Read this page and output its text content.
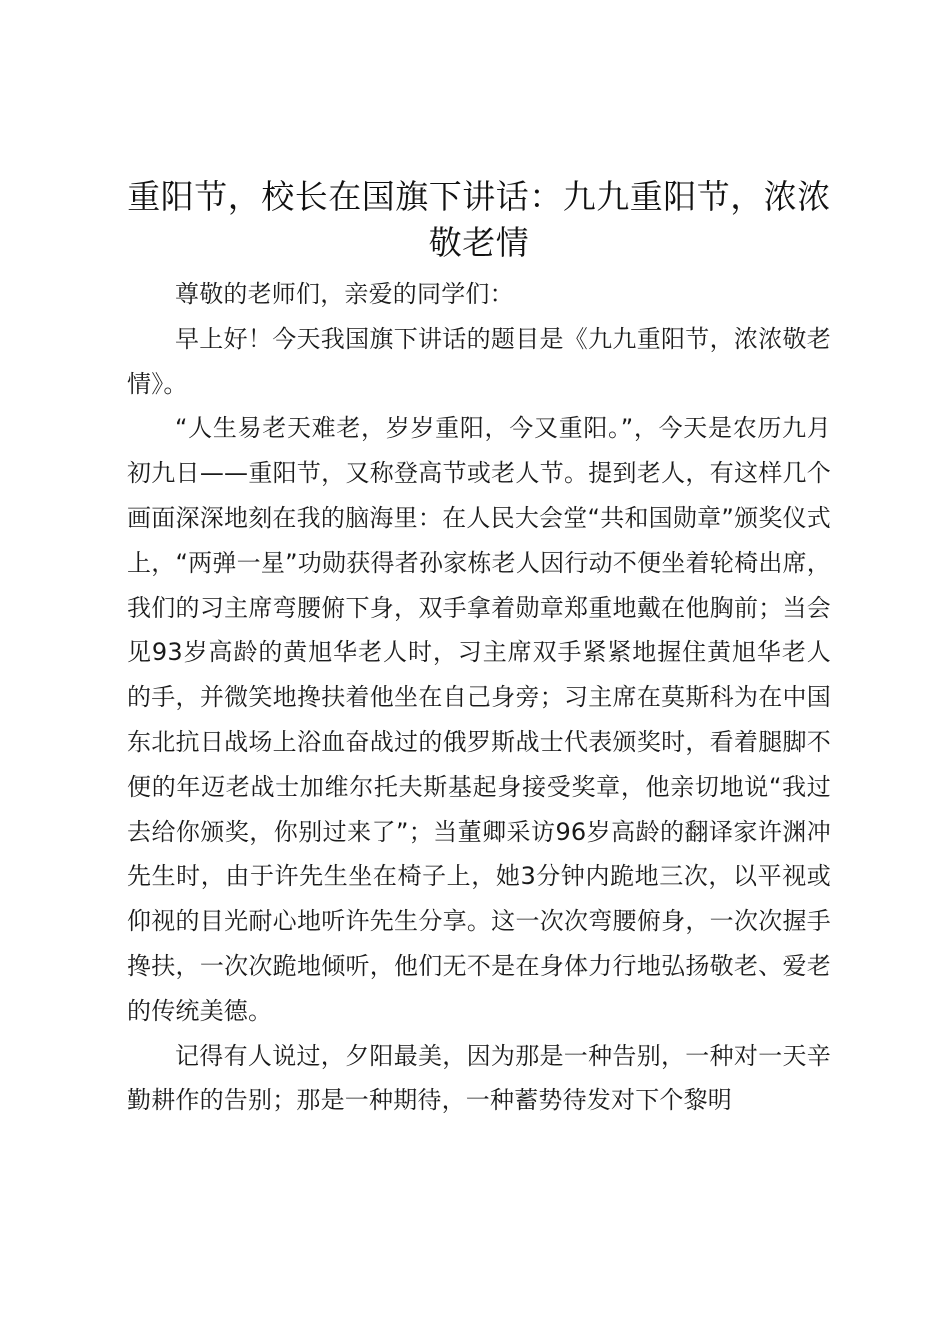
重阳节，校长在国旗下讲话：九九重阳节，浓浓敬老情

尊敬的老师们，亲爱的同学们：

早上好！今天我国旗下讲话的题目是《九九重阳节，浓浓敬老情》。

“人生易老天难老，岁岁重阳，今又重阳。”，今天是农历九月初九日——重阳节，又称登高节或老人节。提到老人，有这样几个画面深深地刻在我的脑海里：在人民大会堂“共和国勋章”颁奖仪式上，“两弹一星”功勋获得者孙家栋老人因行动不便坐着轮椅出席，我们的习主席弯腰俯下身，双手拿着勋章郑重地戴在他胸前；当会见93岁高龄的黄旭华老人时，习主席双手紧紧地握住黄旭华老人的手，并微笑地搀扶着他坐在自己身旁；习主席在莫斯科为在中国东北抗日战场上浴血奋战过的俄罗斯战士代表颁奖时，看着腿脚不便的年迈老战士加维尔托夫斯基起身接受奖章，他亲切地说“我过去给你颁奖，你别过来了”；当董卿采访96岁高龄的翻译家许渊冲先生时，由于许先生坐在椅子上，她3分钟内跪地三次，以平视或仰视的目光耐心地听许先生分享。这一次次弯腰俯身，一次次握手搀扶，一次次跪地倾听，他们无不是在身体力行地弘扬敬老、爱老的传统美德。

记得有人说过，夕阳最美，因为那是一种告别，一种对一天辛勤耕作的告别；那是一种期待，一种蓄势待发对下个黎明
